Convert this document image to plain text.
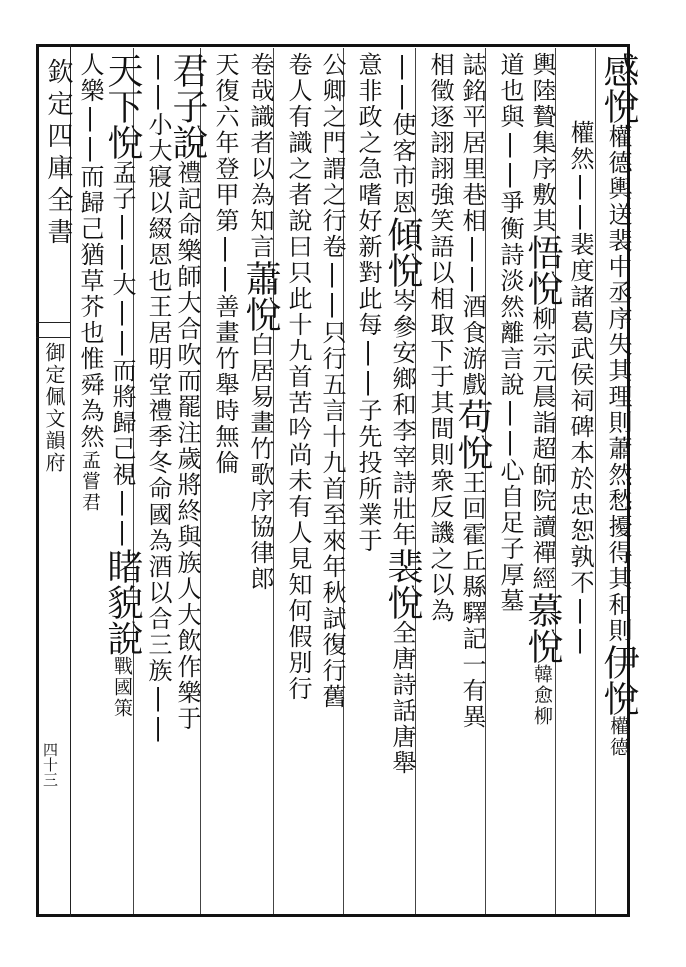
欽定四庫全書
御定佩文韻府
四十三
感悅權德輿送裴中丞序失其理則蕭然愁擾得其和則伊悅權德
權然||裴度諸葛武侯祠碑本於忠恕孰不||
輿陸贄集序敷其悟悅柳宗元晨詣超師院讀禪經慕悅韓愈柳
道也與||爭衡詩淡然離言說||心自足子厚墓
誌銘平居里巷相||酒食游戲苟悅王回霍丘縣驛記一有異
相徵逐詡詡強笑語以相取下于其間則衆反譏之以為
||使客市恩傾悅岑參安鄉和李宰詩壯年裴悅全唐詩話唐舉
意非政之急嗜好新對此每||子先投所業于
公卿之門謂之行卷||只行五言十九首至來年秋試復行舊
卷人有識之者說曰只此十九首苦吟尚未有人見知何假別行
卷哉識者以為知言蕭悅白居易畫竹歌序協律郎
天復六年登甲第||善畫竹舉時無倫
君子說禮記命樂師大合吹而罷注歲將終與族人大飲作樂于
||小大寢以綴恩也王居明堂禮季冬命國為酒以合三族||
天下悅孟子||大||而將歸己視||睹貌說戰國策
人樂||而歸己猶草芥也惟舜為然孟嘗君
